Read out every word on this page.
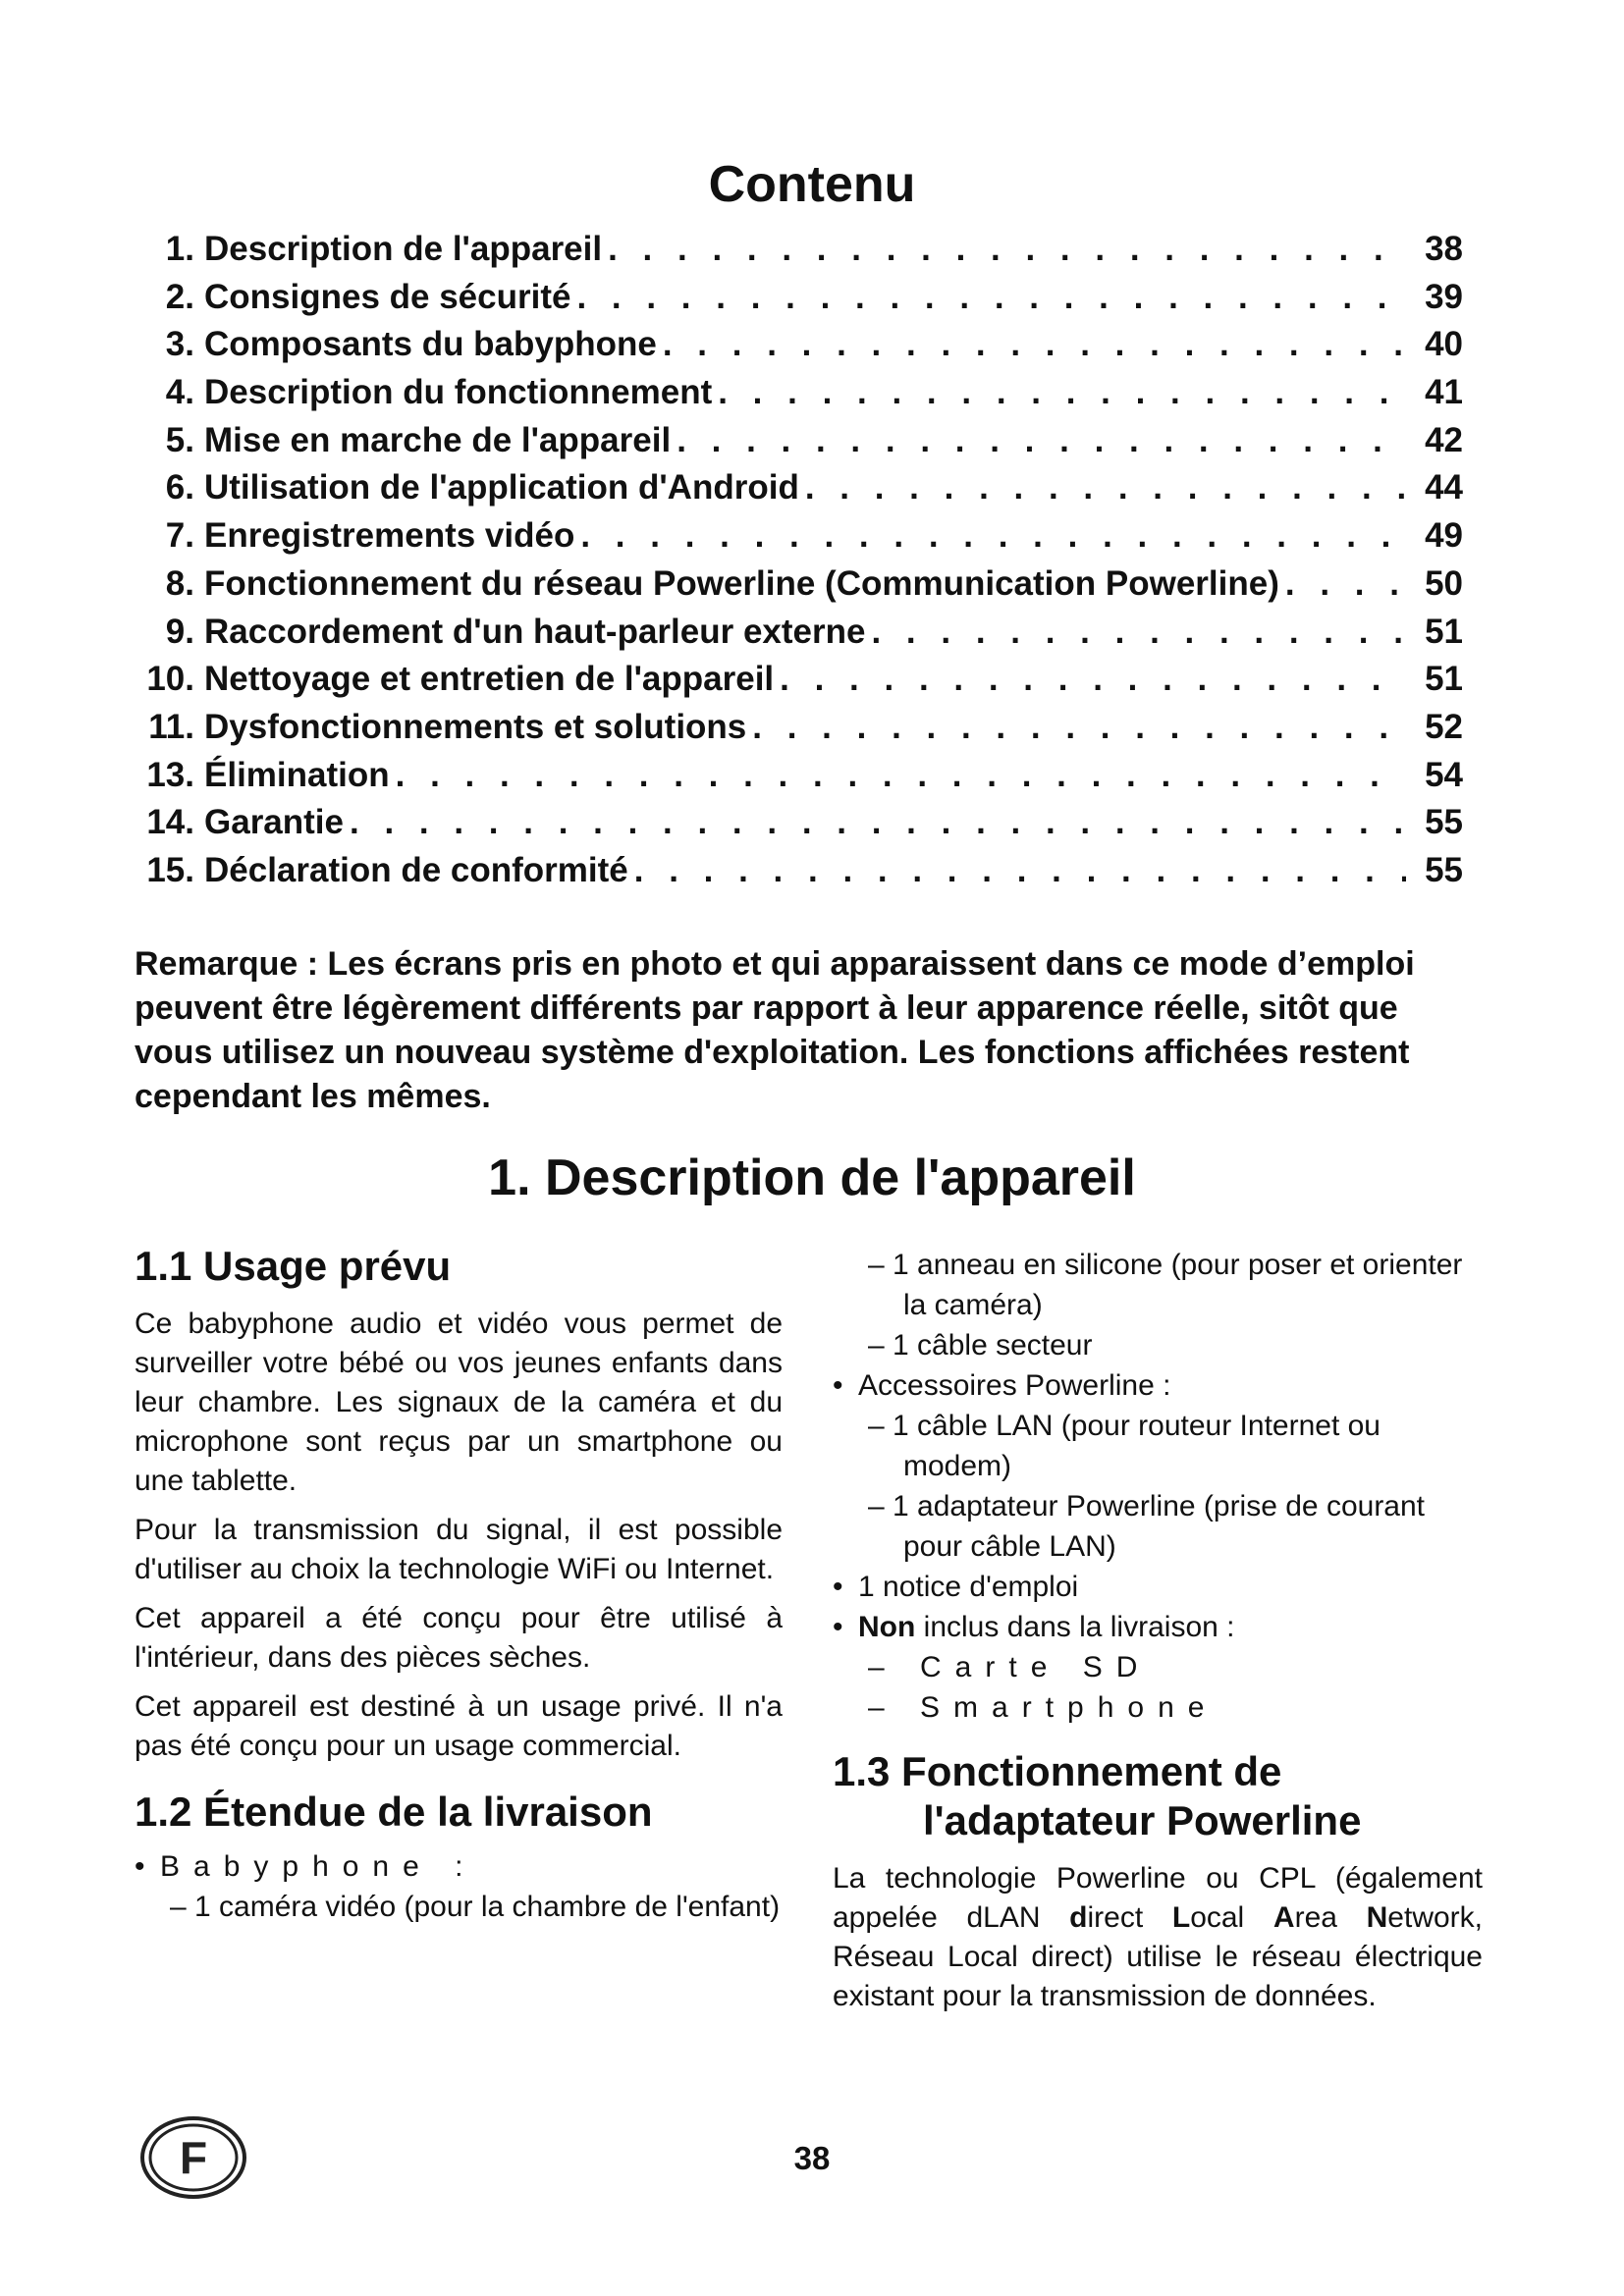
Contenu
1. Description de l'appareil . . .	38
2. Consignes de sécurité . . .	39
3. Composants du babyphone . . .	40
4. Description du fonctionnement . . .	41
5. Mise en marche de l'appareil . . .	42
6. Utilisation de l'application d'Android . . .	44
7. Enregistrements vidéo . . .	49
8. Fonctionnement du réseau Powerline (Communication Powerline) . . .	50
9. Raccordement d'un haut-parleur externe . . .	51
10. Nettoyage et entretien de l'appareil . . .	51
11. Dysfonctionnements et solutions . . .	52
13. Élimination . . .	54
14. Garantie . . .	55
15. Déclaration de conformité . . .	55
Remarque : Les écrans pris en photo et qui apparaissent dans ce mode d’emploi peuvent être légèrement différents par rapport à leur apparence réelle, sitôt que vous utilisez un nouveau système d'exploitation. Les fonctions affichées restent cependant les mêmes.
1. Description de l'appareil
1.1 Usage prévu

Ce babyphone audio et vidéo vous permet de surveiller votre bébé ou vos jeunes enfants dans leur chambre. Les signaux de la caméra et du microphone sont reçus par un smartphone ou une tablette.

Pour la transmission du signal, il est possible d'utiliser au choix la technologie WiFi ou Internet.

Cet appareil a été conçu pour être utilisé à l'intérieur, dans des pièces sèches.

Cet appareil est destiné à un usage privé. Il n'a pas été conçu pour un usage commercial.

1.2 Étendue de la livraison
• Babyphone :
– 1 caméra vidéo (pour la chambre de l'enfant)
– 1 anneau en silicone (pour poser et orienter la caméra)
– 1 câble secteur
• Accessoires Powerline :
– 1 câble LAN (pour routeur Internet ou modem)
– 1 adaptateur Powerline (prise de courant pour câble LAN)
• 1 notice d'emploi
• Non inclus dans la livraison :
– Carte SD
– Smartphone
1.3 Fonctionnement de
l'adaptateur Powerline

La technologie Powerline ou CPL (également appelée dLAN direct Local Area Network, Réseau Local direct) utilise le réseau électrique existant pour la transmission de données.

F	38
